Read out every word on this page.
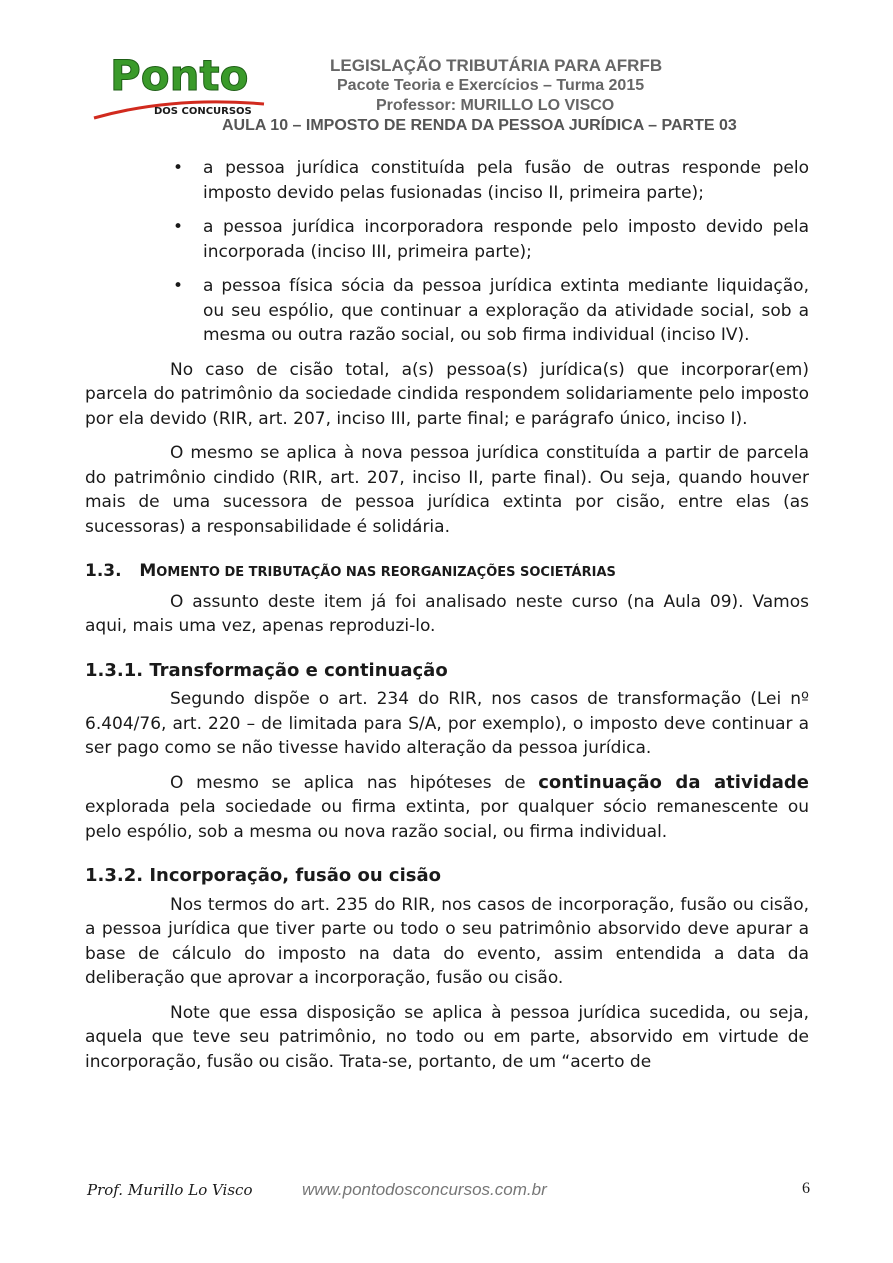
Ponto
DOS CONCURSOS
LEGISLAÇÃO TRIBUTÁRIA PARA AFRFB
Pacote Teoria e Exercícios – Turma 2015
Professor: MURILLO LO VISCO
AULA 10 – IMPOSTO DE RENDA DA PESSOA JURÍDICA – PARTE 03
• a pessoa jurídica constituída pela fusão de outras responde pelo imposto devido pelas fusionadas (inciso II, primeira parte);
• a pessoa jurídica incorporadora responde pelo imposto devido pela incorporada (inciso III, primeira parte);
• a pessoa física sócia da pessoa jurídica extinta mediante liquidação, ou seu espólio, que continuar a exploração da atividade social, sob a mesma ou outra razão social, ou sob firma individual (inciso IV).

No caso de cisão total, a(s) pessoa(s) jurídica(s) que incorporar(em) parcela do patrimônio da sociedade cindida respondem solidariamente pelo imposto por ela devido (RIR, art. 207, inciso III, parte final; e parágrafo único, inciso I).

O mesmo se aplica à nova pessoa jurídica constituída a partir de parcela do patrimônio cindido (RIR, art. 207, inciso II, parte final). Ou seja, quando houver mais de uma sucessora de pessoa jurídica extinta por cisão, entre elas (as sucessoras) a responsabilidade é solidária.

1.3. MOMENTO DE TRIBUTAÇÃO NAS REORGANIZAÇÕES SOCIETÁRIAS

O assunto deste item já foi analisado neste curso (na Aula 09). Vamos aqui, mais uma vez, apenas reproduzi-lo.

1.3.1. Transformação e continuação

Segundo dispõe o art. 234 do RIR, nos casos de transformação (Lei nº 6.404/76, art. 220 – de limitada para S/A, por exemplo), o imposto deve continuar a ser pago como se não tivesse havido alteração da pessoa jurídica.

O mesmo se aplica nas hipóteses de continuação da atividade explorada pela sociedade ou firma extinta, por qualquer sócio remanescente ou pelo espólio, sob a mesma ou nova razão social, ou firma individual.

1.3.2. Incorporação, fusão ou cisão

Nos termos do art. 235 do RIR, nos casos de incorporação, fusão ou cisão, a pessoa jurídica que tiver parte ou todo o seu patrimônio absorvido deve apurar a base de cálculo do imposto na data do evento, assim entendida a data da deliberação que aprovar a incorporação, fusão ou cisão.

Note que essa disposição se aplica à pessoa jurídica sucedida, ou seja, aquela que teve seu patrimônio, no todo ou em parte, absorvido em virtude de incorporação, fusão ou cisão. Trata-se, portanto, de um “acerto de

Prof. Murillo Lo Visco	www.pontodosconcursos.com.br	6
